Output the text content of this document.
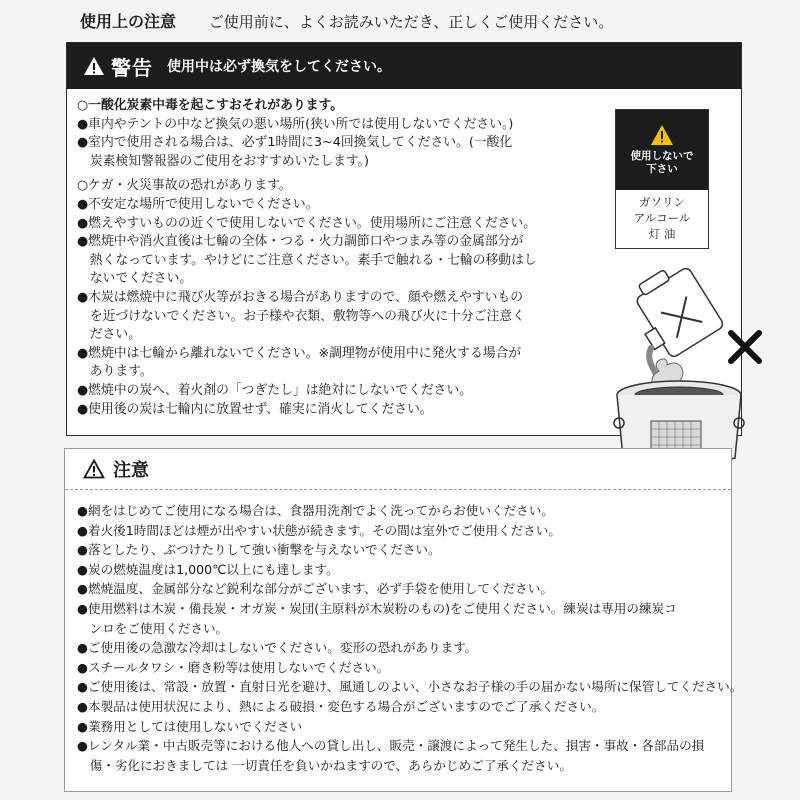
使用上の注意 ご使用前に、よくお読みいただき、正しくご使用ください。
警告 使用中は必ず換気をしてください。
○一酸化炭素中毒を起こすおそれがあります。
●車内やテントの中など換気の悪い場所(狭い所では使用しないでください。)
●室内で使用される場合は、必ず1時間に3~4回換気してください。(一酸化
　炭素検知警報器のご使用をおすすめいたします。)
○ケガ・火災事故の恐れがあります。
●不安定な場所で使用しないでください。
●燃えやすいものの近くで使用しないでください。使用場所にご注意ください。
●燃焼中や消火直後は七輪の全体・つる・火力調節口やつまみ等の金属部分が
　熱くなっています。やけどにご注意ください。素手で触れる・七輪の移動はし
　ないでください。
●木炭は燃焼中に飛び火等がおきる場合がありますので、顔や燃えやすいもの
　を近づけないでください。お子様や衣類、敷物等への飛び火に十分ご注意く
　ださい。
●燃焼中は七輪から離れないでください。※調理物が使用中に発火する場合が
　あります。
●燃焼中の炭へ、着火剤の「つぎたし」は絶対にしないでください。
●使用後の炭は七輪内に放置せず、確実に消火してください。
使用しないで
下さい
ガソリン
アルコール
灯 油
注意
●網をはじめてご使用になる場合は、食器用洗剤でよく洗ってからお使いください。
●着火後1時間ほどは煙が出やすい状態が続きます。その間は室外でご使用ください。
●落としたり、ぶつけたりして強い衝撃を与えないでください。
●炭の燃焼温度は1,000℃以上にも達します。
●燃焼温度、金属部分など鋭利な部分がございます、必ず手袋を使用してください。
●使用燃料は木炭・備長炭・オガ炭・炭団(主原料が木炭粉のもの)をご使用ください。練炭は専用の練炭コ
　ンロをご使用ください。
●ご使用後の急激な冷却はしないでください。変形の恐れがあります。
●スチールタワシ・磨き粉等は使用しないでください。
●ご使用後は、常設・放置・直射日光を避け、風通しのよい、小さなお子様の手の届かない場所に保管してください。
●本製品は使用状況により、熱による破損・変色する場合がございますのでご了承ください。
●業務用としては使用しないでください
●レンタル業・中古販売等における他人への貸し出し、販売・譲渡によって発生した、損害・事故・各部品の損
　傷・劣化におきましては 一切責任を負いかねますので、あらかじめご了承ください。
